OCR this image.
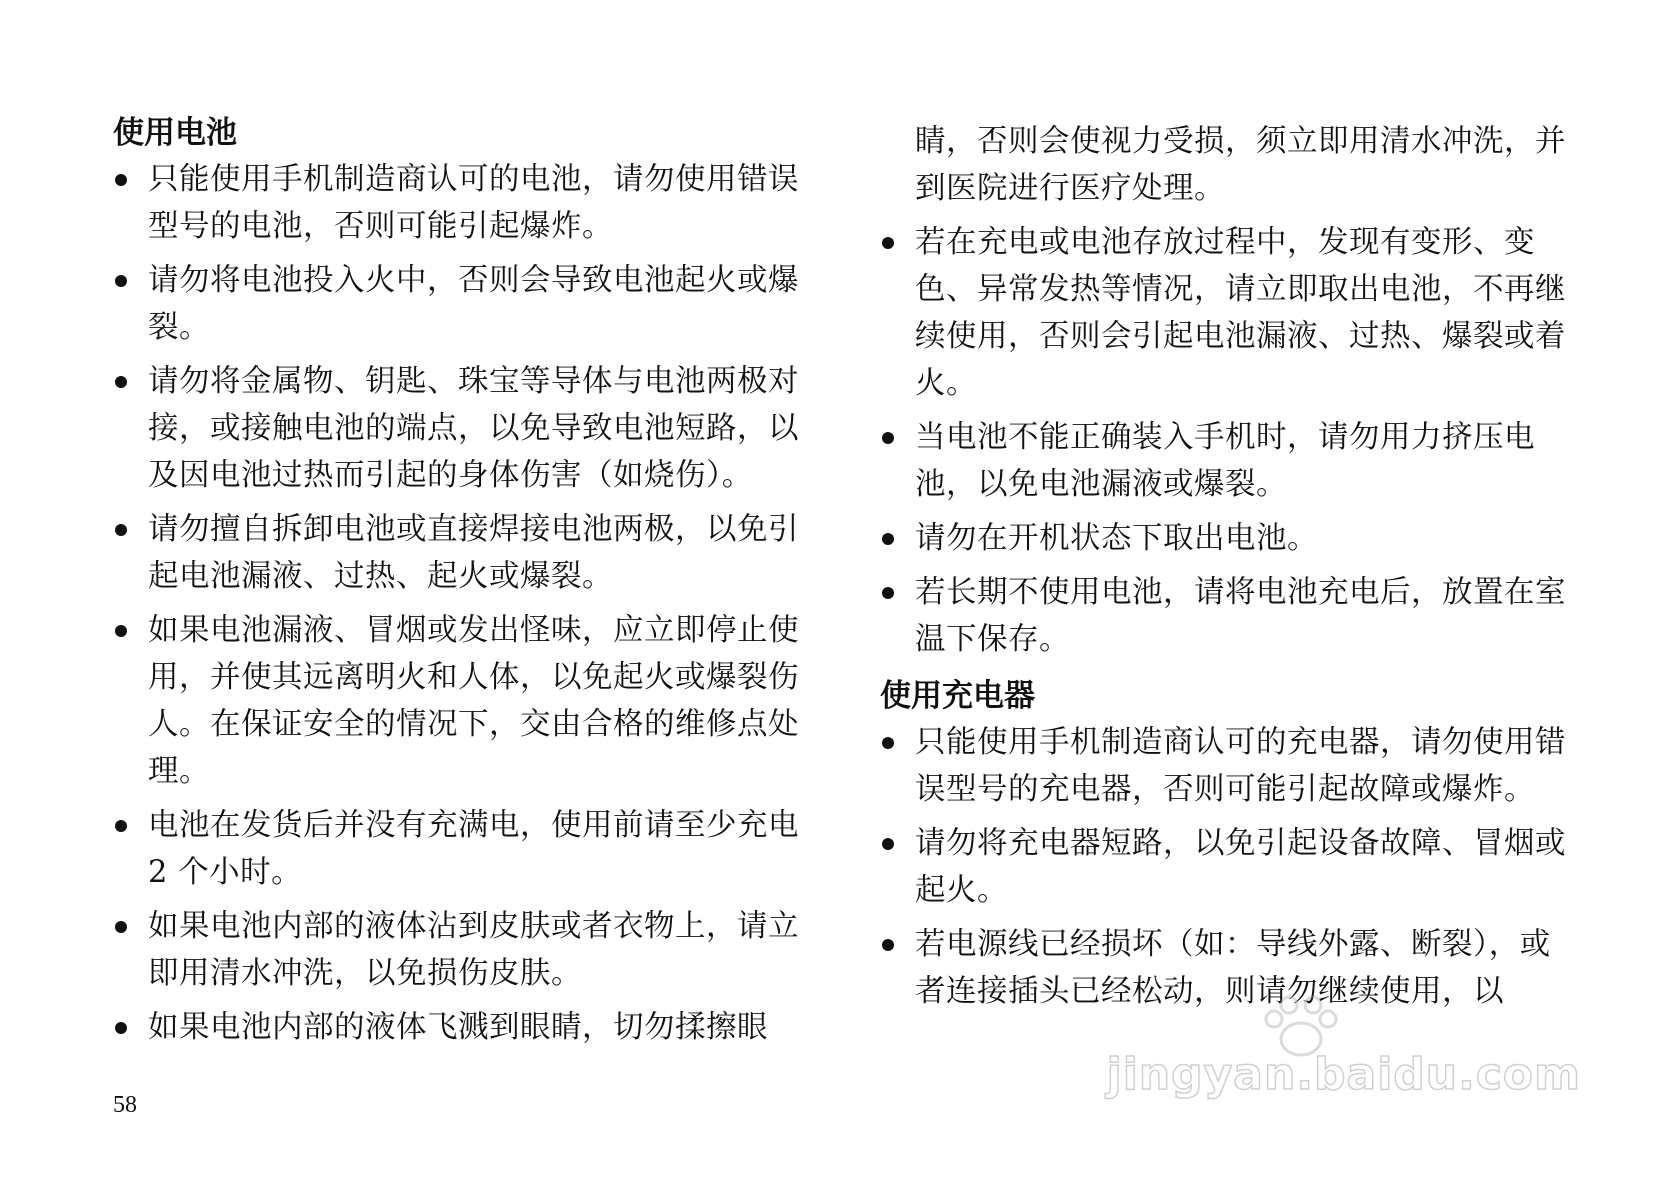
使用电池
只能使用手机制造商认可的电池，请勿使用错误型号的电池，否则可能引起爆炸。
请勿将电池投入火中，否则会导致电池起火或爆裂。
请勿将金属物、钥匙、珠宝等导体与电池两极对接，或接触电池的端点，以免导致电池短路，以及因电池过热而引起的身体伤害（如烧伤）。
请勿擅自拆卸电池或直接焊接电池两极，以免引起电池漏液、过热、起火或爆裂。
如果电池漏液、冒烟或发出怪味，应立即停止使用，并使其远离明火和人体，以免起火或爆裂伤人。在保证安全的情况下，交由合格的维修点处理。
电池在发货后并没有充满电，使用前请至少充电 2 个小时。
如果电池内部的液体沾到皮肤或者衣物上，请立即用清水冲洗，以免损伤皮肤。
如果电池内部的液体飞溅到眼睛，切勿揉擦眼
睛，否则会使视力受损，须立即用清水冲洗，并到医院进行医疗处理。
若在充电或电池存放过程中，发现有变形、变色、异常发热等情况，请立即取出电池，不再继续使用，否则会引起电池漏液、过热、爆裂或着火。
当电池不能正确装入手机时，请勿用力挤压电池，以免电池漏液或爆裂。
请勿在开机状态下取出电池。
若长期不使用电池，请将电池充电后，放置在室温下保存。
使用充电器
只能使用手机制造商认可的充电器，请勿使用错误型号的充电器，否则可能引起故障或爆炸。
请勿将充电器短路，以免引起设备故障、冒烟或起火。
若电源线已经损坏（如：导线外露、断裂），或者连接插头已经松动，则请勿继续使用，以
58
jingyan.baidu.com
